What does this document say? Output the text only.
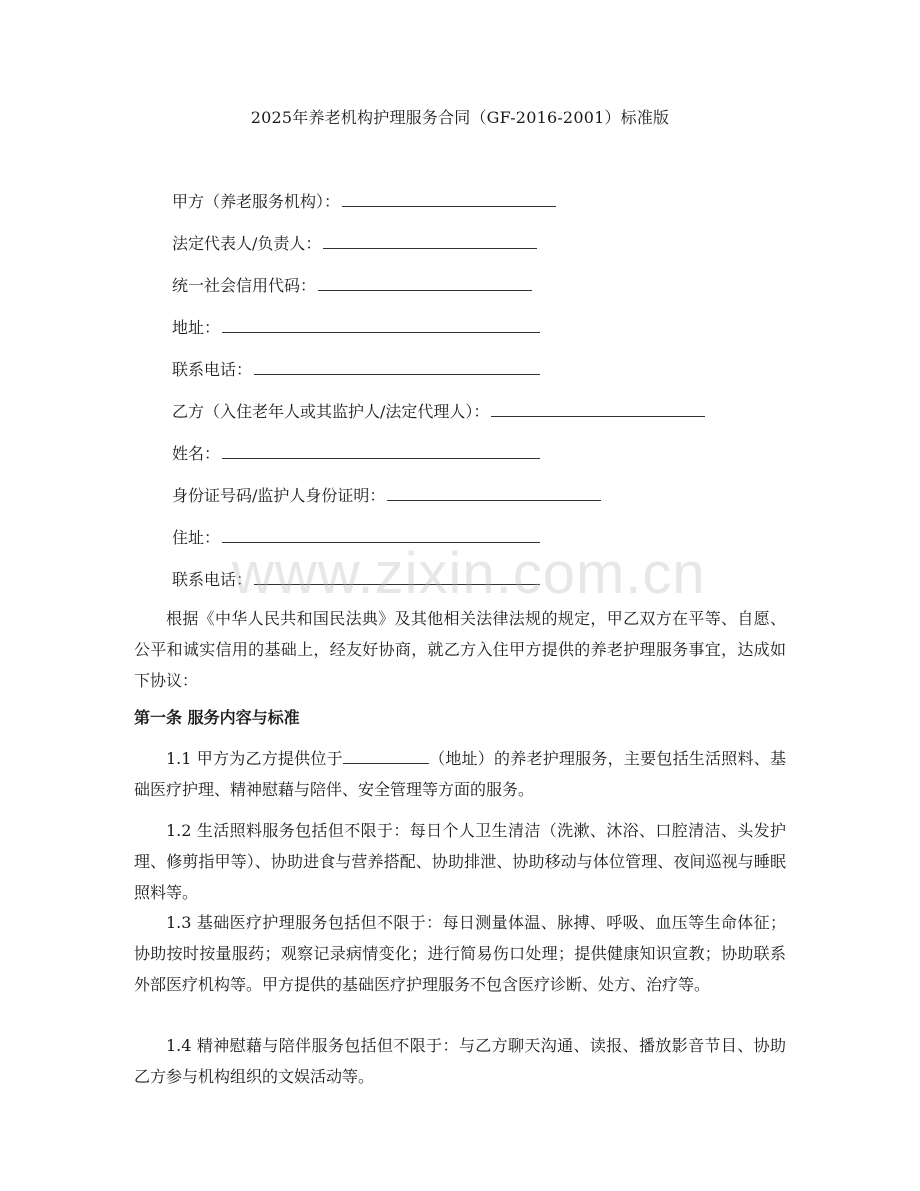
2025年养老机构护理服务合同（GF-2016-2001）标准版
甲方（养老服务机构）：
法定代表人/负责人：
统一社会信用代码：
地址：
联系电话：
乙方（入住老年人或其监护人/法定代理人）：
姓名：
身份证号码/监护人身份证明：
住址：
联系电话：
根据《中华人民共和国民法典》及其他相关法律法规的规定，甲乙双方在平等、自愿、公平和诚实信用的基础上，经友好协商，就乙方入住甲方提供的养老护理服务事宜，达成如下协议：
第一条 服务内容与标准
1.1 甲方为乙方提供位于	（地址）的养老护理服务，主要包括生活照料、基础医疗护理、精神慰藉与陪伴、安全管理等方面的服务。
1.2 生活照料服务包括但不限于：每日个人卫生清洁（洗漱、沐浴、口腔清洁、头发护理、修剪指甲等）、协助进食与营养搭配、协助排泄、协助移动与体位管理、夜间巡视与睡眠照料等。
1.3 基础医疗护理服务包括但不限于：每日测量体温、脉搏、呼吸、血压等生命体征；协助按时按量服药；观察记录病情变化；进行简易伤口处理；提供健康知识宣教；协助联系外部医疗机构等。甲方提供的基础医疗护理服务不包含医疗诊断、处方、治疗等。
1.4 精神慰藉与陪伴服务包括但不限于：与乙方聊天沟通、读报、播放影音节目、协助乙方参与机构组织的文娱活动等。
www.zixin.com.cn
